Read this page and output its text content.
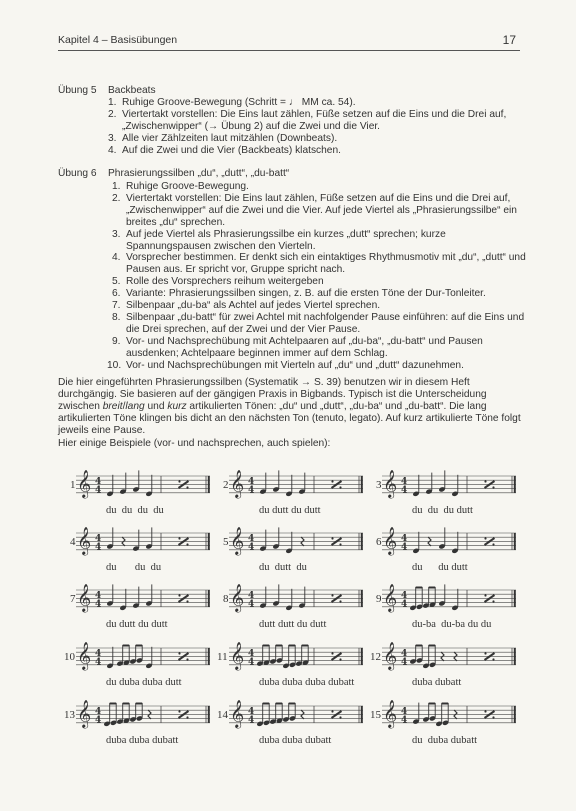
Kapitel 4 – Basisübungen	17
Übung 5 Backbeats
1. Ruhige Groove-Bewegung (Schritt = ♩ MM ca. 54).
2. Viertertakt vorstellen: Die Eins laut zählen, Füße setzen auf die Eins und die Drei auf, „Zwischenwipper“ (→ Übung 2) auf die Zwei und die Vier.
3. Alle vier Zählzeiten laut mitzählen (Downbeats).
4. Auf die Zwei und die Vier (Backbeats) klatschen.
Übung 6 Phrasierungssilben „du“, „dutt“, „du-batt“
1. Ruhige Groove-Bewegung.
2. Viertertakt vorstellen: Die Eins laut zählen, Füße setzen auf die Eins und die Drei auf, „Zwischenwipper“ auf die Zwei und die Vier. Auf jede Viertel als „Phrasierungssilbe“ ein breites „du“ sprechen.
3. Auf jede Viertel als Phrasierungssilbe ein kurzes „dutt“ sprechen; kurze Spannungspausen zwischen den Vierteln.
4. Vorsprecher bestimmen. Er denkt sich ein eintaktiges Rhythmusmotiv mit „du“, „dutt“ und Pausen aus. Er spricht vor, Gruppe spricht nach.
5. Rolle des Vorsprechers reihum weitergeben
6. Variante: Phrasierungssilben singen, z. B. auf die ersten Töne der Dur-Tonleiter.
7. Silbenpaar „du-ba“ als Achtel auf jedes Viertel sprechen.
8. Silbenpaar „du-batt“ für zwei Achtel mit nachfolgender Pause einführen: auf die Eins und die Drei sprechen, auf der Zwei und der Vier Pause.
9. Vor- und Nachsprechübung mit Achtelpaaren auf „du-ba“, „du-batt“ und Pausen ausdenken; Achtelpaare beginnen immer auf dem Schlag.
10. Vor- und Nachsprechübungen mit Vierteln auf „du“ und „dutt“ dazunehmen.
Die hier eingeführten Phrasierungssilben (Systematik → S. 39) benutzen wir in diesem Heft durchgängig. Sie basieren auf der gängigen Praxis in Bigbands. Typisch ist die Unterscheidung zwischen breit/lang und kurz artikulierten Tönen: „du“ und „dutt“, „du-ba“ und „du-batt“. Die lang artikulierten Töne klingen bis dicht an den nächsten Ton (tenuto, legato). Auf kurz artikulierte Töne folgt jeweils eine Pause.
Hier einige Beispiele (vor- und nachsprechen, auch spielen):
1 𝄞 4
4
du  du  du  du
2 𝄞 4
4
du dutt du dutt
3 𝄞 4
4
du  du  du dutt
4 𝄞 4
4
du       du  du
5 𝄞 4
4
du  dutt  du
6 𝄞 4
4
du      du dutt
7 𝄞 4
4
du dutt du dutt
8 𝄞 4
4
dutt dutt du dutt
9 𝄞 4
4
du-ba  du-ba du du
10 𝄞 4
4
du duba duba dutt
11 𝄞 4
4
duba duba duba dubatt
12 𝄞 4
4
duba dubatt
13 𝄞 4
4
duba duba dubatt
14 𝄞 4
4
duba duba dubatt
15 𝄞 4
4
du  duba dubatt
